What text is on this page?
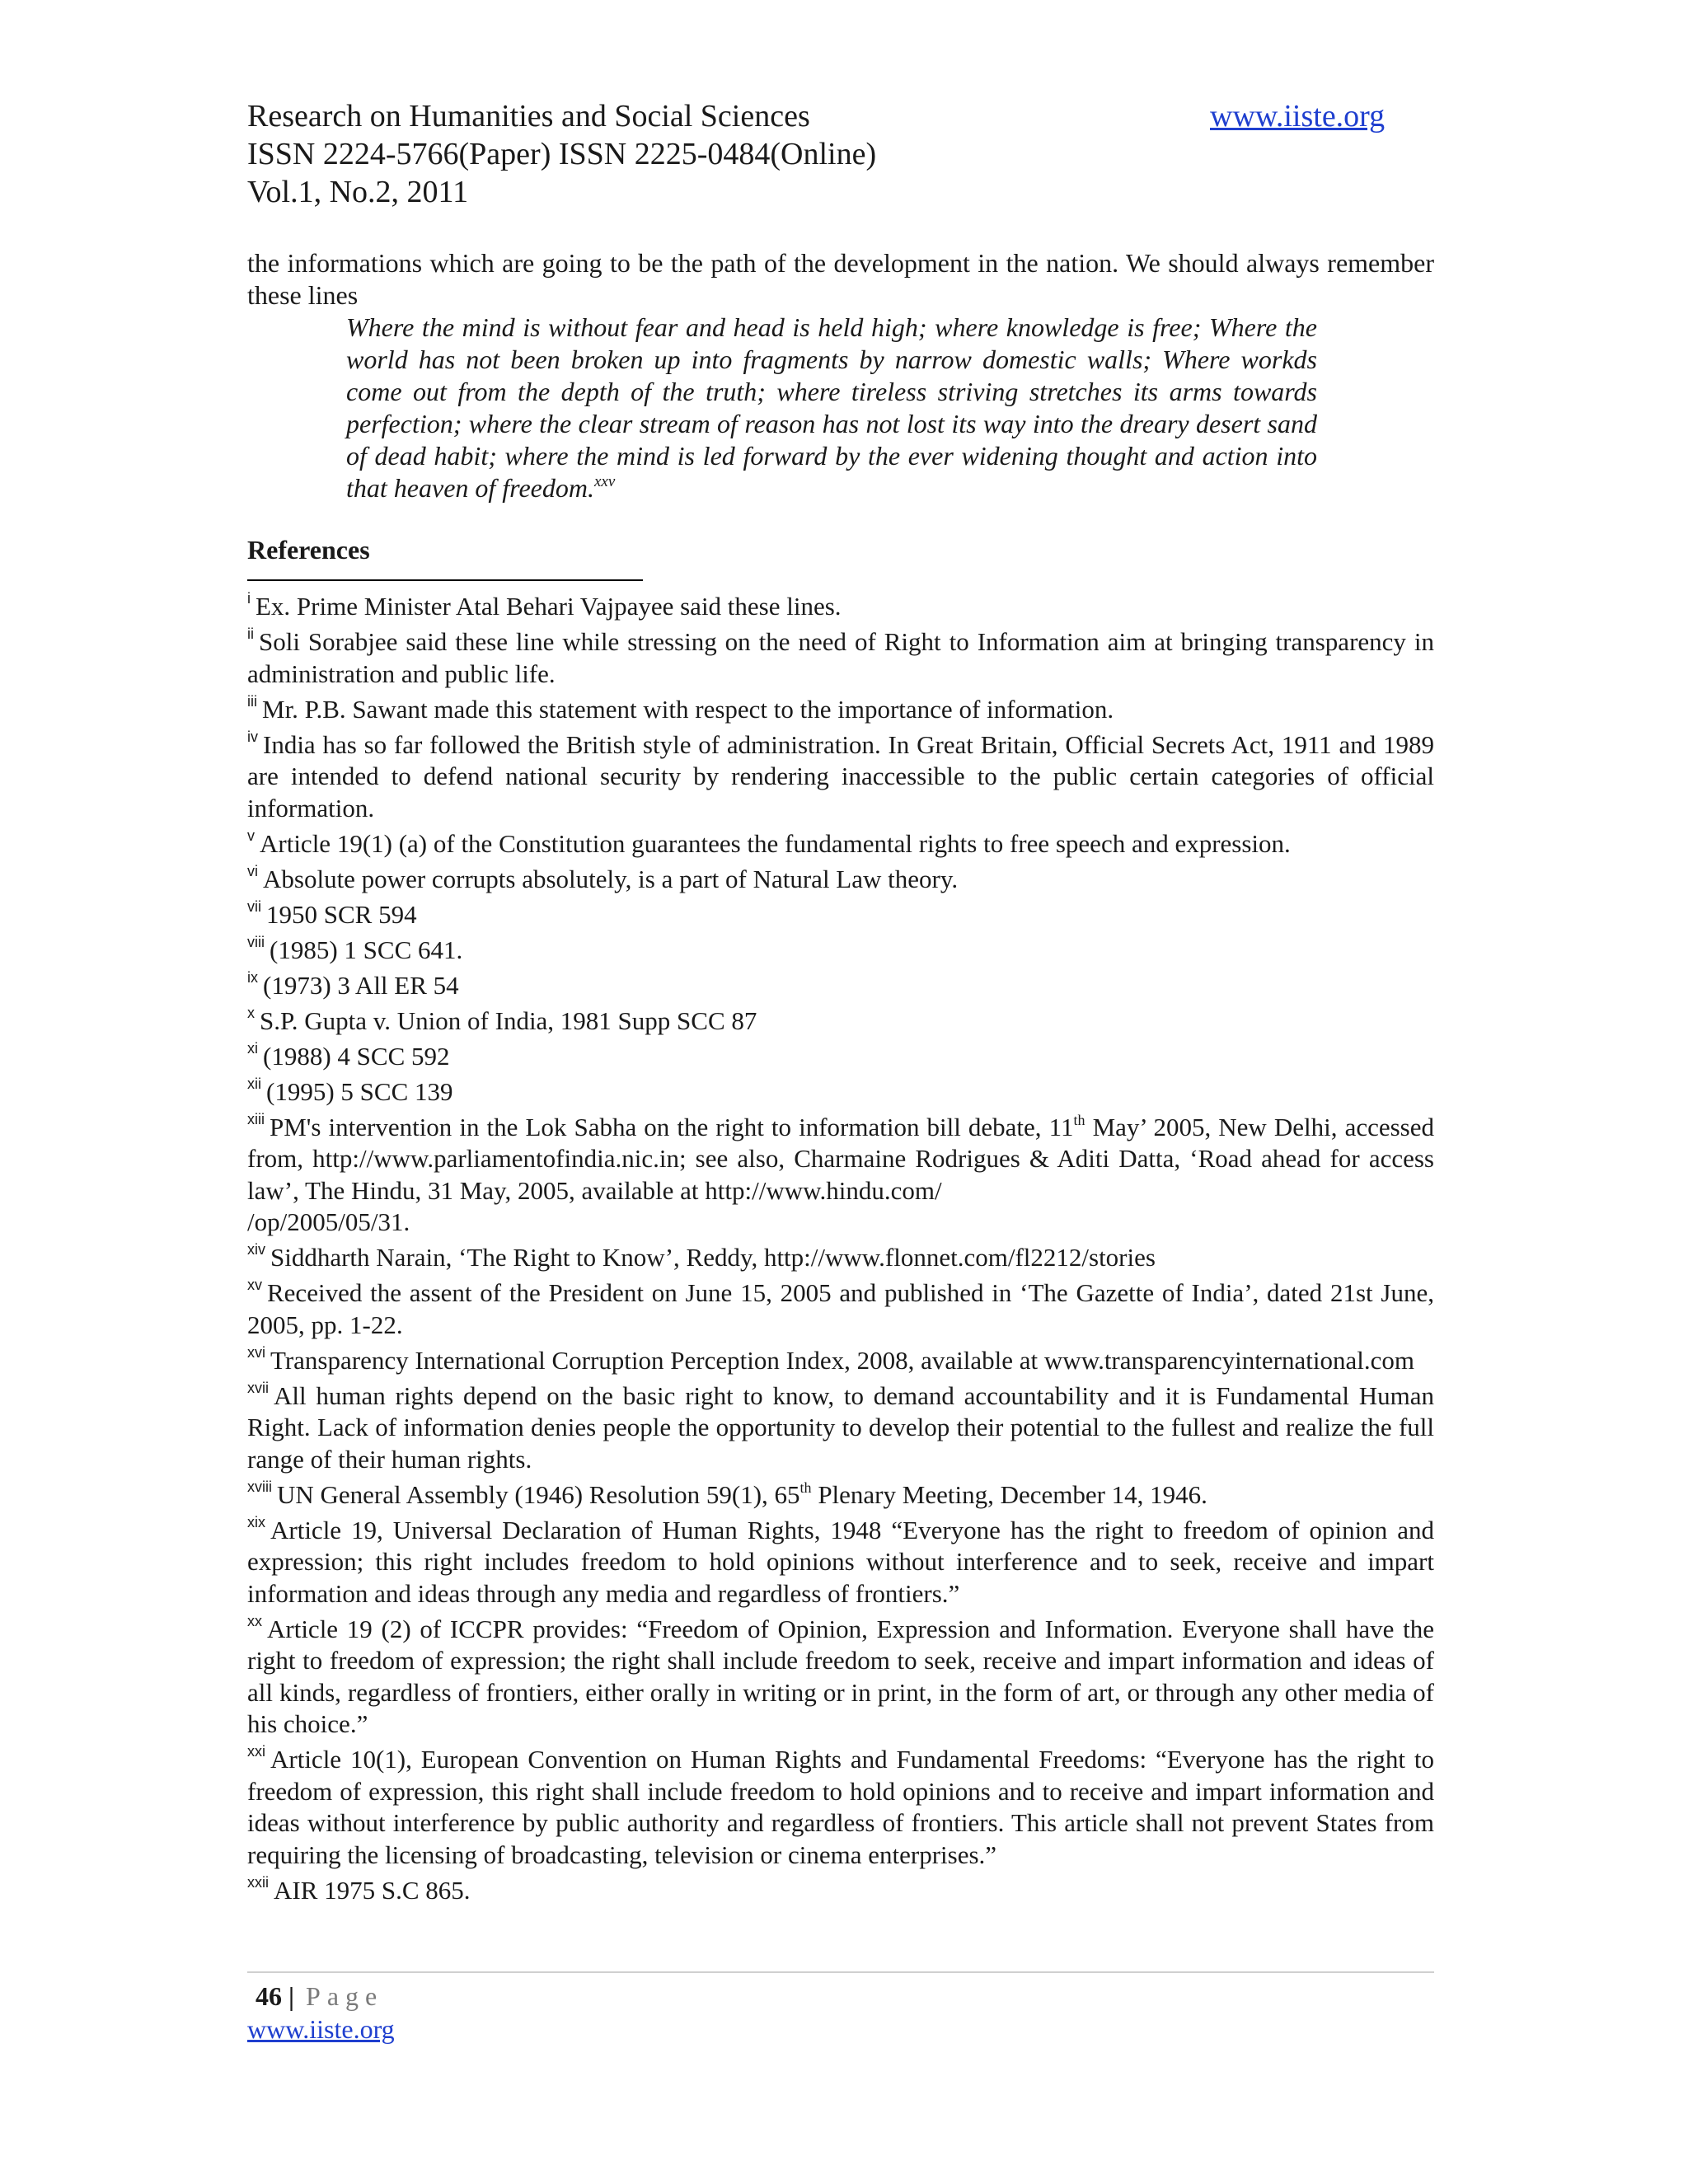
Research on Humanities and Social Sciences
ISSN 2224-5766(Paper) ISSN 2225-0484(Online)
Vol.1, No.2, 2011
www.iiste.org

the informations which are going to be the path of the development in the nation. We should always remember these lines

Where the mind is without fear and head is held high; where knowledge is free; Where the world has not been broken up into fragments by narrow domestic walls; Where workds come out from the depth of the truth; where tireless striving stretches its arms towards perfection; where the clear stream of reason has not lost its way into the dreary desert sand of dead habit; where the mind is led forward by the ever widening thought and action into that heaven of freedom.$^{xxv}$

References
$^i$ Ex. Prime Minister Atal Behari Vajpayee said these lines.
$^{ii}$ Soli Sorabjee said these line while stressing on the need of Right to Information aim at bringing transparency in administration and public life.
$^{iii}$ Mr. P.B. Sawant made this statement with respect to the importance of information.
$^{iv}$ India has so far followed the British style of administration. In Great Britain, Official Secrets Act, 1911 and 1989 are intended to defend national security by rendering inaccessible to the public certain categories of official information.
$^v$ Article 19(1) (a) of the Constitution guarantees the fundamental rights to free speech and expression.
$^{vi}$ Absolute power corrupts absolutely, is a part of Natural Law theory.
$^{vii}$ 1950 SCR 594
$^{viii}$ (1985) 1 SCC 641.
$^{ix}$ (1973) 3 All ER 54
$^x$ S.P. Gupta v. Union of India, 1981 Supp SCC 87
$^{xi}$ (1988) 4 SCC 592
$^{xii}$ (1995) 5 SCC 139
$^{xiii}$ PM's intervention in the Lok Sabha on the right to information bill debate, 11th May’ 2005, New Delhi, accessed from, http://www.parliamentofindia.nic.in; see also, Charmaine Rodrigues & Aditi Datta, ‘Road ahead for access law’, The Hindu, 31 May, 2005, available at http://www.hindu.com/
/op/2005/05/31.
$^{xiv}$ Siddharth Narain, ‘The Right to Know’, Reddy, http://www.flonnet.com/fl2212/stories
$^{xv}$ Received the assent of the President on June 15, 2005 and published in ‘The Gazette of India’, dated 21st June, 2005, pp. 1-22.
$^{xvi}$ Transparency International Corruption Perception Index, 2008, available at www.transparencyinternational.com
$^{xvii}$ All human rights depend on the basic right to know, to demand accountability and it is Fundamental Human Right. Lack of information denies people the opportunity to develop their potential to the fullest and realize the full range of their human rights.
$^{xviii}$ UN General Assembly (1946) Resolution 59(1), 65th Plenary Meeting, December 14, 1946.
$^{xix}$ Article 19, Universal Declaration of Human Rights, 1948 “Everyone has the right to freedom of opinion and expression; this right includes freedom to hold opinions without interference and to seek, receive and impart information and ideas through any media and regardless of frontiers.”
$^{xx}$ Article 19 (2) of ICCPR provides: “Freedom of Opinion, Expression and Information. Everyone shall have the right to freedom of expression; the right shall include freedom to seek, receive and impart information and ideas of all kinds, regardless of frontiers, either orally in writing or in print, in the form of art, or through any other media of his choice.”
$^{xxi}$ Article 10(1), European Convention on Human Rights and Fundamental Freedoms: “Everyone has the right to freedom of expression, this right shall include freedom to hold opinions and to receive and impart information and ideas without interference by public authority and regardless of frontiers. This article shall not prevent States from requiring the licensing of broadcasting, television or cinema enterprises.”
$^{xxii}$ AIR 1975 S.C 865.
46 | Page
www.iiste.org
